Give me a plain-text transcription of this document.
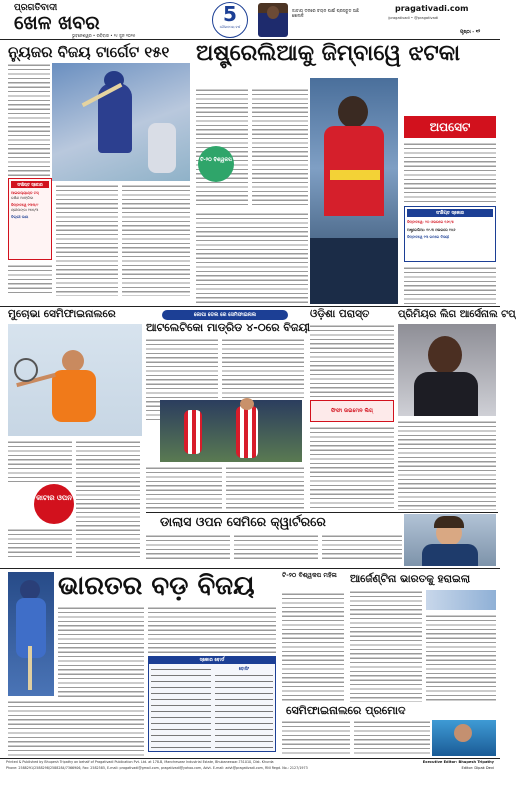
ପ୍ରଗତିବାଦୀ
ଖେଳ ଖବର
ଭୁବନେଶ୍ୱର • ରବିବାର • ୨୯ ଜୁନ ୨୦୨୫
5
ଗୌରବମୟ ବର୍ଷ
ଜାତୀୟ ଦଳରେ ଚୟନ ପାଇଁ ପ୍ରସ୍ତୁତ ଅଛି ଖେଳାଳି
pragativadi.com
/pragativadi • @pragativadi
ପୃଷ୍ଠା - ୧୨
ନ୍ୟୁଜର ବିଜୟ ଟାର୍ଗେଟ ୧୫୧
ସଂକ୍ଷିପ୍ତ ସ୍କୋର
ଆଇରଲ୍ୟାଣ୍ଡ ଟସ୍
ଦକ୍ଷିଣ ଆଫ୍ରିକା
ଜିମ୍ବାବୱେ ୧୩୩/୯
ଶ୍ରୀଲଙ୍କା ୧୫୫/୩
ଦିଲ୍ଲୀ ଉଣା
ଅଷ୍ଟ୍ରେଲିଆକୁ ଜିମ୍ବାୱେ ଝଟକା
ଟି-୨୦ ବିଶ୍ୱକପ
ଅପସେଟ
ସଂକ୍ଷିପ୍ତ ସ୍କୋର
ଜିମ୍ବାବୱେ: ୨୦ ଓଭରରେ ୧୬୯/୫
ଅଷ୍ଟ୍ରେଲିଆ: ୧୯.୩ ଓଭରରେ ୧୪୬
ଜିମ୍ବାବୱେ ୨୩ ରନରେ ବିଜୟୀ
ମୁଚୋଭା ସେମିଫାଇନାଲରେ
କାଟାର ଓପନ
କୋପା ଡେଲ ରେ ସେମିଫାଇନାଲ
ଆଟଲେଟିକୋ ମାଡ୍ରିଡ ୪-୦ରେ ବିଜୟୀ
ଓଡ଼ିଶା ପରାସ୍ତ
ଫିଫା ଉଇମେନ ଲିଗ୍
ପ୍ରିମିୟର ଲିଗ ଆର୍ସେନାଲ ଟପ୍
ଡାଲାସ ଓପନ ସେମିରେ କ୍ୱାର୍ଟରରେ
ଭାରତର ବଡ଼ ବିଜୟ
ସ୍କୋର ବୋର୍ଡ
ବୋଲିଂ
ଟି-୨୦ ବିଶ୍ୱକପ ମହିଳା	ଆର୍ଜେଣ୍ଟିନା ଭାରତକୁ ହରାଇଲା
ସେମିଫାଇନାଲରେ ପ୍ରମୋଦ
Printed & Published by Bhupesh Tripathy on behalf of Pragativadi Publication Pvt. Ltd. at 178-B, Mancheswar Industrial Estate, Bhubaneswar-751010, Dist. Khurda
Phone: 2588291/2588298/2588284/7366906, Fax: 2582585, E-mail: pragativadi@gmail.com, pragativadi@yahoo.com, Advt. E-mail: advt@pragativadi.com, RNI Regd. No.: 2127/1973
Executive Editor: Bhupesh Tripathy
Editor: Dipak Devi
